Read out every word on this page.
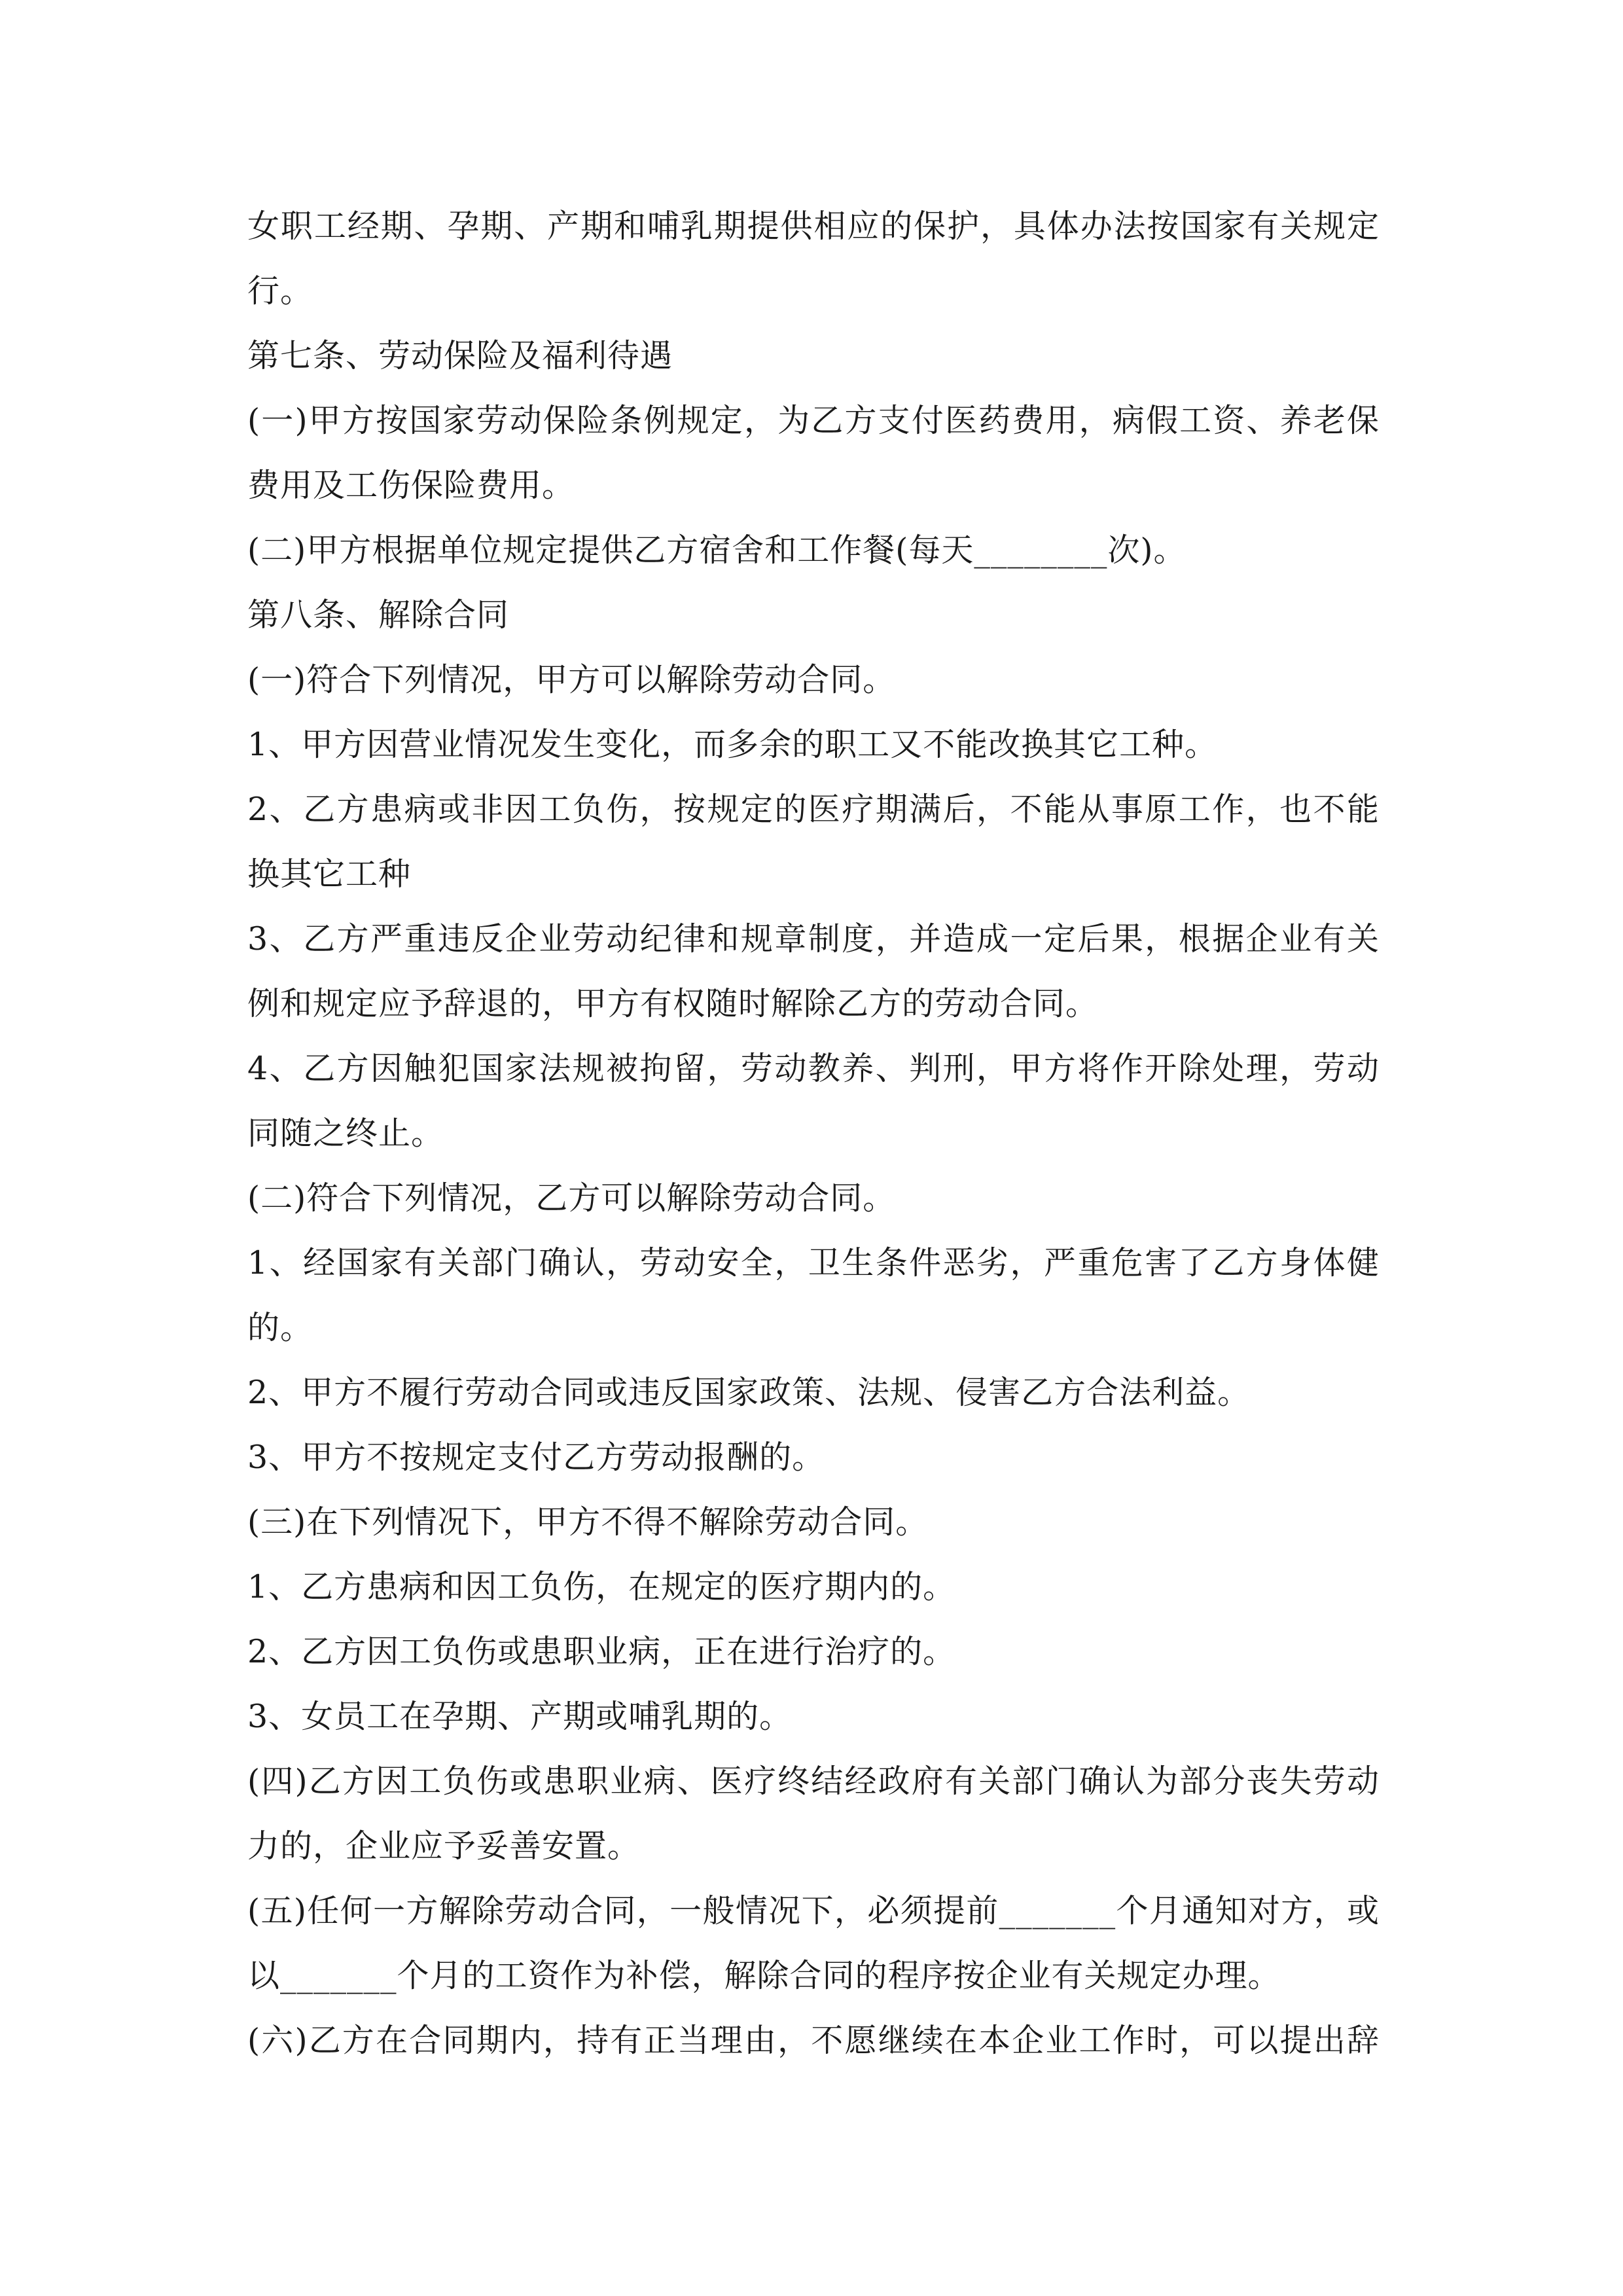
女职工经期、孕期、产期和哺乳期提供相应的保护，具体办法按国家有关规定
行。
第七条、劳动保险及福利待遇
(一)甲方按国家劳动保险条例规定，为乙方支付医药费用，病假工资、养老保
费用及工伤保险费用。
(二)甲方根据单位规定提供乙方宿舍和工作餐(每天________次)。
第八条、解除合同
(一)符合下列情况，甲方可以解除劳动合同。
1、甲方因营业情况发生变化，而多余的职工又不能改换其它工种。
2、乙方患病或非因工负伤，按规定的医疗期满后，不能从事原工作，也不能
换其它工种
3、乙方严重违反企业劳动纪律和规章制度，并造成一定后果，根据企业有关
例和规定应予辞退的，甲方有权随时解除乙方的劳动合同。
4、乙方因触犯国家法规被拘留，劳动教养、判刑，甲方将作开除处理，劳动
同随之终止。
(二)符合下列情况，乙方可以解除劳动合同。
1、经国家有关部门确认，劳动安全，卫生条件恶劣，严重危害了乙方身体健
的。
2、甲方不履行劳动合同或违反国家政策、法规、侵害乙方合法利益。
3、甲方不按规定支付乙方劳动报酬的。
(三)在下列情况下，甲方不得不解除劳动合同。
1、乙方患病和因工负伤，在规定的医疗期内的。
2、乙方因工负伤或患职业病，正在进行治疗的。
3、女员工在孕期、产期或哺乳期的。
(四)乙方因工负伤或患职业病、医疗终结经政府有关部门确认为部分丧失劳动
力的，企业应予妥善安置。
(五)任何一方解除劳动合同，一般情况下，必须提前_______个月通知对方，或
以_______个月的工资作为补偿，解除合同的程序按企业有关规定办理。
(六)乙方在合同期内，持有正当理由，不愿继续在本企业工作时，可以提出辞
